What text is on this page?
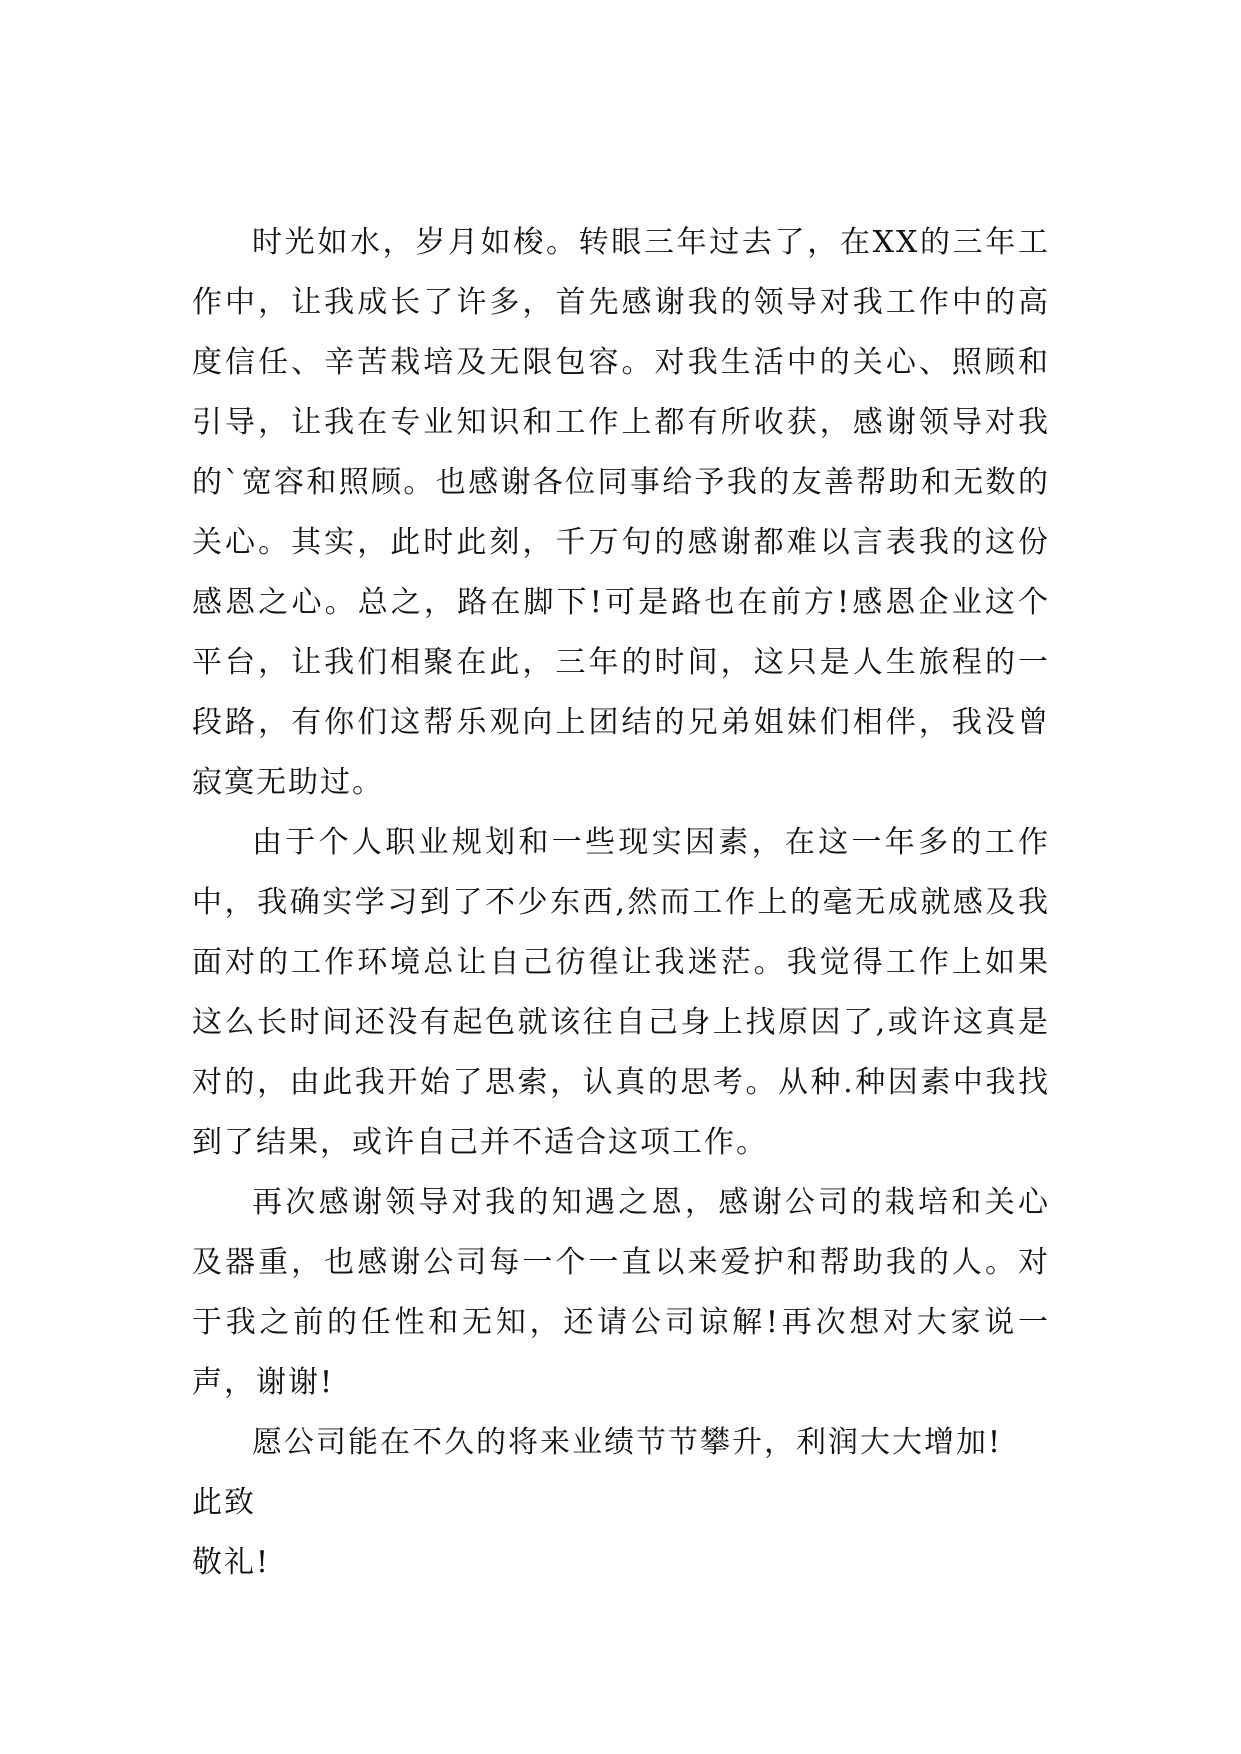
时光如水，岁月如梭。转眼三年过去了，在XX的三年工作中，让我成长了许多，首先感谢我的领导对我工作中的高度信任、辛苦栽培及无限包容。对我生活中的关心、照顾和引导，让我在专业知识和工作上都有所收获，感谢领导对我的`宽容和照顾。也感谢各位同事给予我的友善帮助和无数的关心。其实，此时此刻，千万句的感谢都难以言表我的这份感恩之心。总之，路在脚下!可是路也在前方!感恩企业这个平台，让我们相聚在此，三年的时间，这只是人生旅程的一段路，有你们这帮乐观向上团结的兄弟姐妹们相伴，我没曾寂寞无助过。

由于个人职业规划和一些现实因素，在这一年多的工作中，我确实学习到了不少东西,然而工作上的毫无成就感及我面对的工作环境总让自己彷徨让我迷茫。我觉得工作上如果这么长时间还没有起色就该往自己身上找原因了,或许这真是对的，由此我开始了思索，认真的思考。从种.种因素中我找到了结果，或许自己并不适合这项工作。

再次感谢领导对我的知遇之恩，感谢公司的栽培和关心及器重，也感谢公司每一个一直以来爱护和帮助我的人。对于我之前的任性和无知，还请公司谅解!再次想对大家说一声，谢谢!

愿公司能在不久的将来业绩节节攀升，利润大大增加!

此致

敬礼!
